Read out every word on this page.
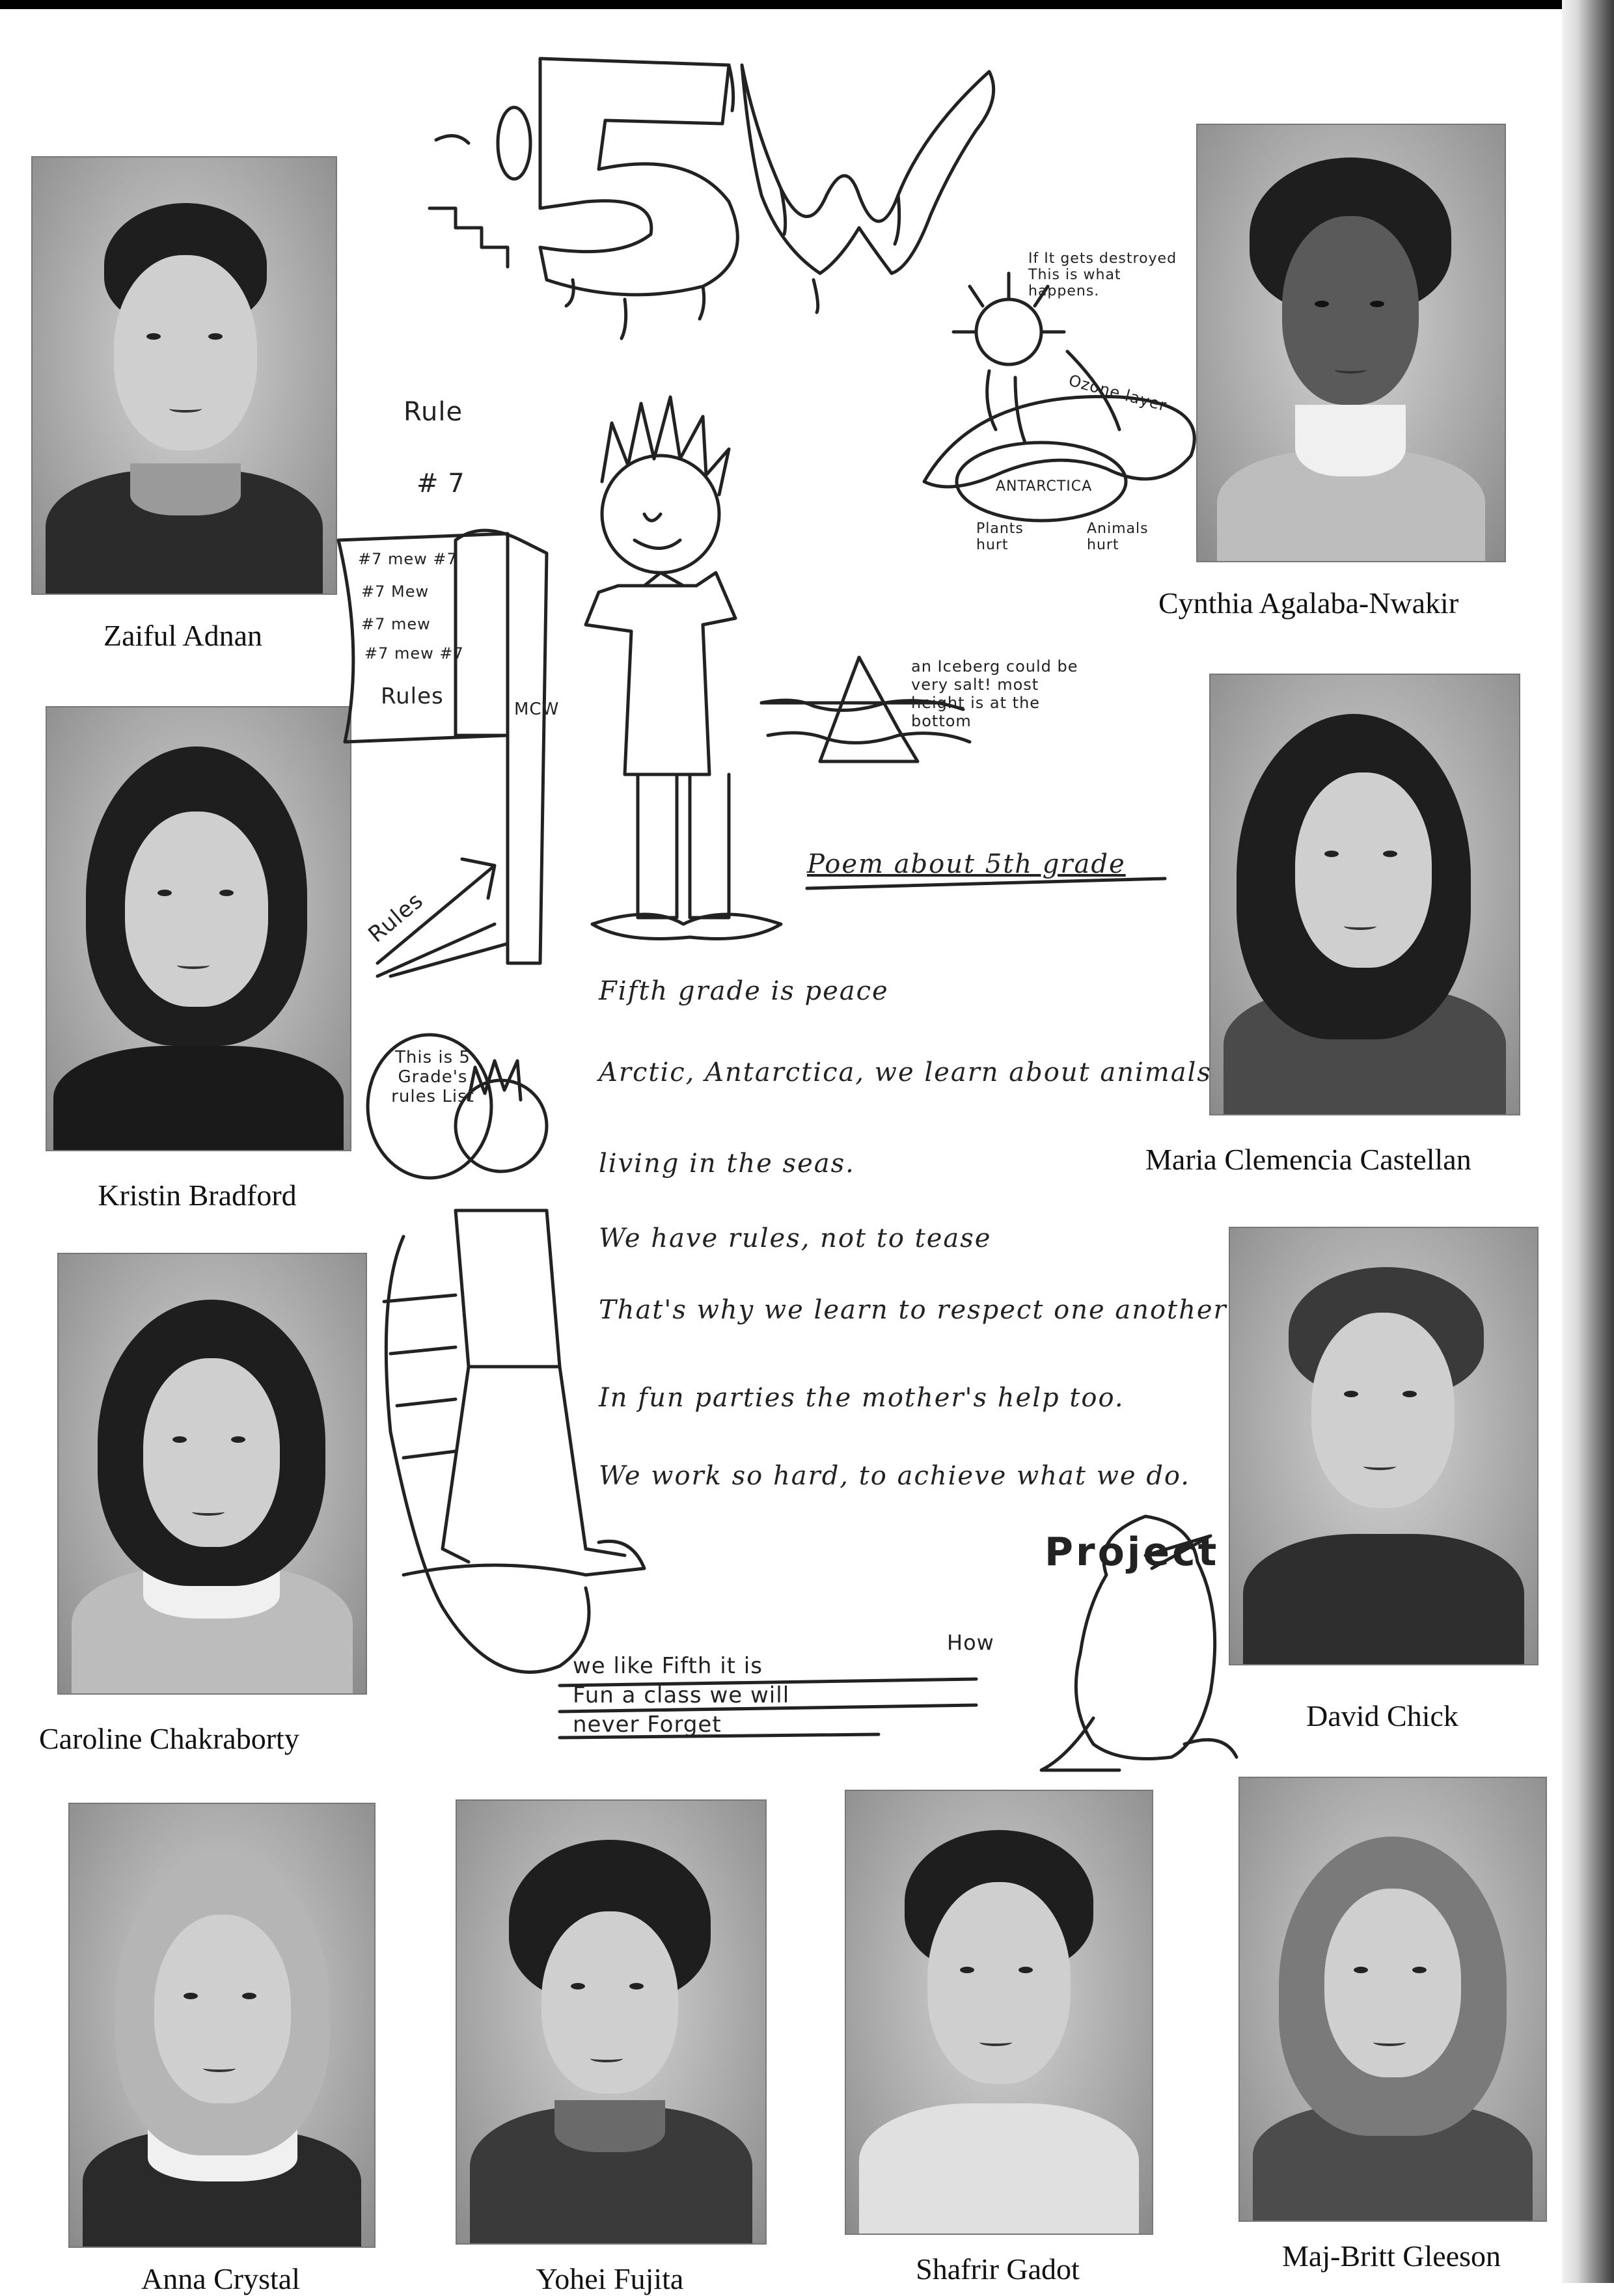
Zaiful Adnan
Cynthia Agalaba-Nwakir
Kristin Bradford
Maria Clemencia Castellan
Caroline Chakraborty
David Chick
Anna Crystal	Yohei Fujita	Shafrir Gadot	Maj-Britt Gleeson
Rule
# 7
#7 mew #7
#7 Mew
#7 mew
#7 mew #7
Rules	MCW
Rules
If It gets destroyed This is what happens.
Ozone layer
ANTARCTICA
Plants hurt
Animals hurt
an Iceberg could be very salt! most height is at the bottom
Poem about 5th grade
Fifth grade is peace
Arctic, Antarctica, we learn about animals
living in the seas.
We have rules, not to tease
That's why we learn to respect one another
In fun parties the mother's help too.
We work so hard, to achieve what we do.
This is 5 Grade's rules List
Project
How
we like Fifth it is
Fun a class we will
never Forget
